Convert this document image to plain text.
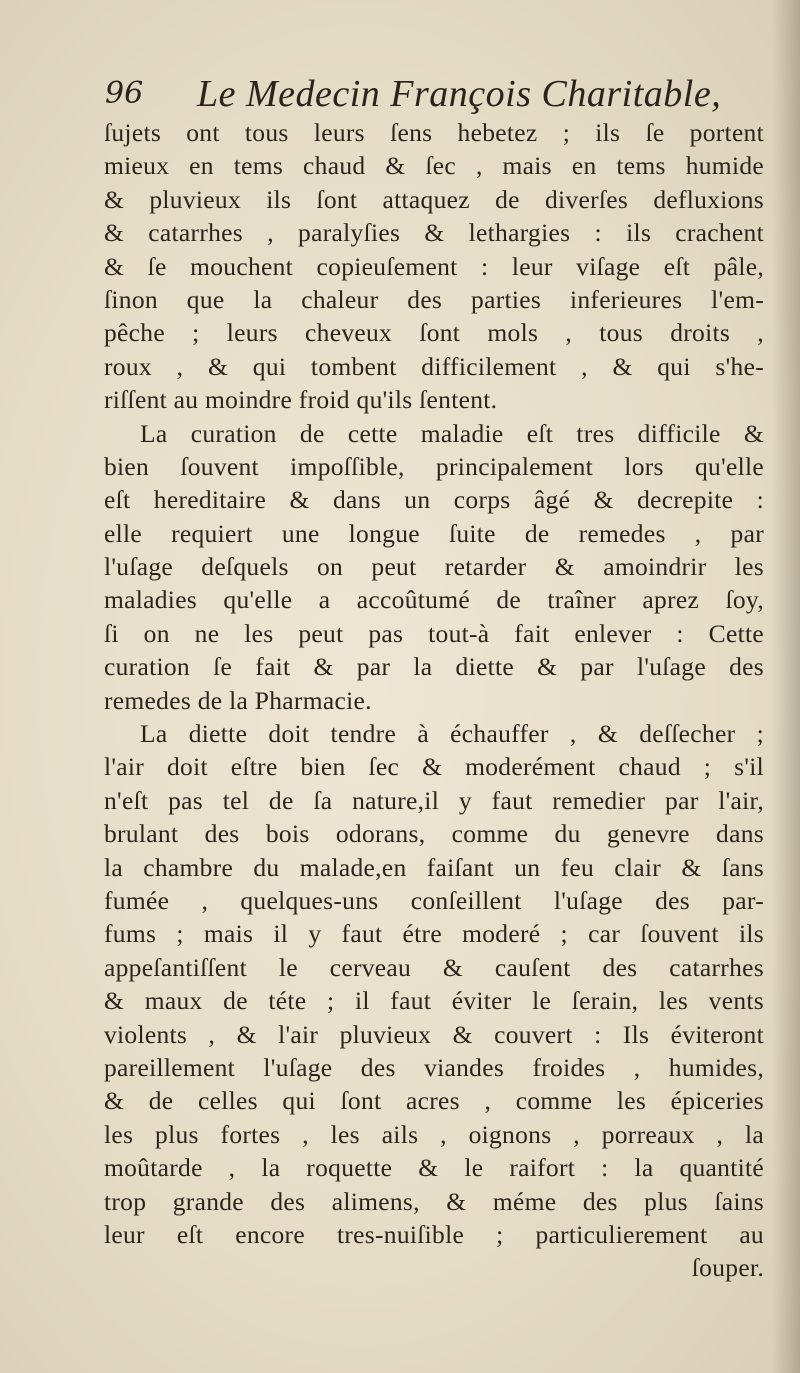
96 Le Medecin François Charitable,
ſujets ont tous leurs ſens hebetez ; ils ſe portent
mieux en tems chaud & ſec , mais en tems humide
& pluvieux ils ſont attaquez de diverſes defluxions
& catarrhes , paralyſies & lethargies : ils crachent
& ſe mouchent copieuſement : leur viſage eſt pâle,
ſinon que la chaleur des parties inferieures l'em-
pêche ; leurs cheveux ſont mols , tous droits ,
roux , & qui tombent difficilement , & qui s'he-
riſſent au moindre froid qu'ils ſentent.
La curation de cette maladie eſt tres difficile &
bien ſouvent impoſſible, principalement lors qu'elle
eſt hereditaire & dans un corps âgé & decrepite :
elle requiert une longue ſuite de remedes , par
l'uſage deſquels on peut retarder & amoindrir les
maladies qu'elle a accoûtumé de traîner aprez ſoy,
ſi on ne les peut pas tout-à fait enlever : Cette
curation ſe fait & par la diette & par l'uſage des
remedes de la Pharmacie.
La diette doit tendre à échauffer , & deſſecher ;
l'air doit eſtre bien ſec & moderément chaud ; s'il
n'eſt pas tel de ſa nature,il y faut remedier par l'air,
brulant des bois odorans, comme du genevre dans
la chambre du malade,en faiſant un feu clair & ſans
fumée , quelques-uns conſeillent l'uſage des par-
fums ; mais il y faut étre moderé ; car ſouvent ils
appeſantiſſent le cerveau & cauſent des catarrhes
& maux de téte ; il faut éviter le ſerain, les vents
violents , & l'air pluvieux & couvert : Ils éviteront
pareillement l'uſage des viandes froides , humides,
& de celles qui ſont acres , comme les épiceries
les plus fortes , les ails , oignons , porreaux , la
moûtarde , la roquette & le raifort : la quantité
trop grande des alimens, & méme des plus ſains
leur eſt encore tres-nuiſible ; particulierement au
ſouper.
